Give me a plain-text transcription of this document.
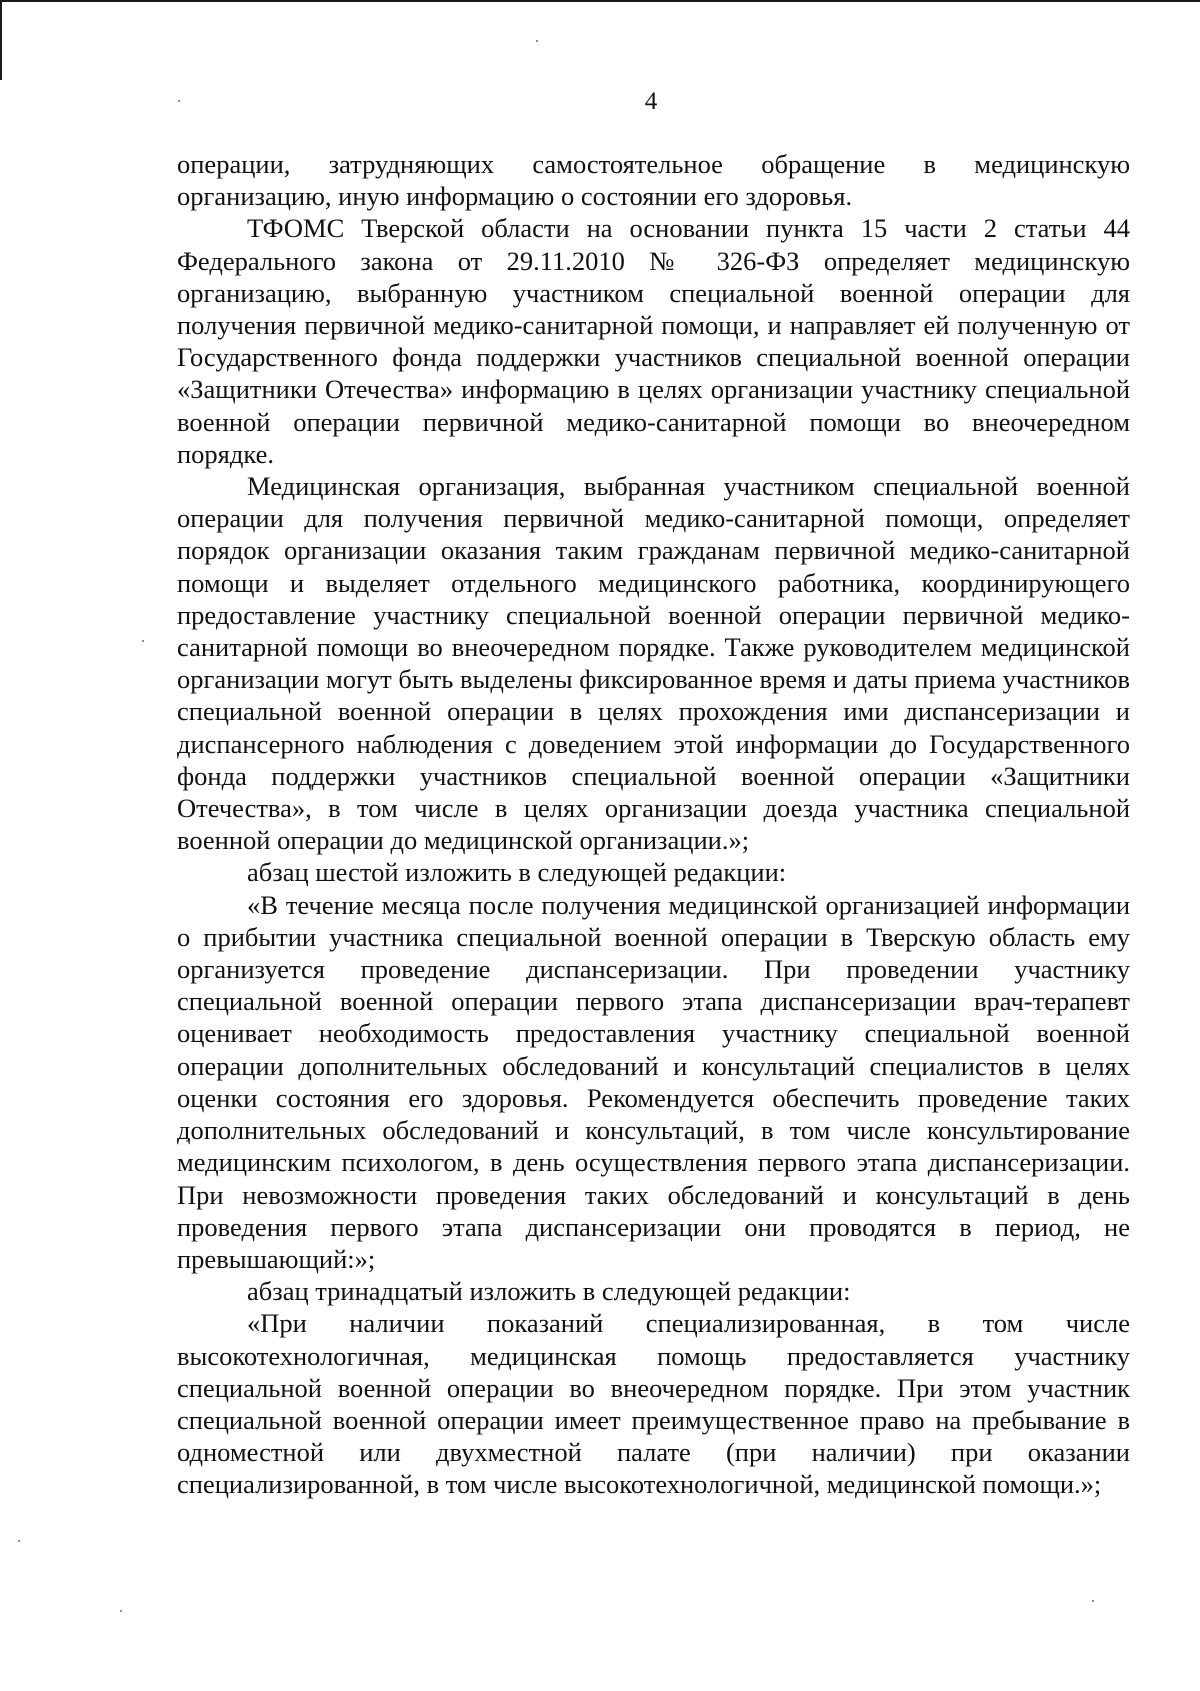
4

операции, затрудняющих самостоятельное обращение в медицинскую организацию, иную информацию о состоянии его здоровья.

ТФОМС Тверской области на основании пункта 15 части 2 статьи 44 Федерального закона от 29.11.2010 № 326-ФЗ определяет медицинскую организацию, выбранную участником специальной военной операции для получения первичной медико-санитарной помощи, и направляет ей полученную от Государственного фонда поддержки участников специальной военной операции «Защитники Отечества» информацию в целях организации участнику специальной военной операции первичной медико-санитарной помощи во внеочередном порядке.

Медицинская организация, выбранная участником специальной военной операции для получения первичной медико-санитарной помощи, определяет порядок организации оказания таким гражданам первичной медико-санитарной помощи и выделяет отдельного медицинского работника, координирующего предоставление участнику специальной военной операции первичной медико-санитарной помощи во внеочередном порядке. Также руководителем медицинской организации могут быть выделены фиксированное время и даты приема участников специальной военной операции в целях прохождения ими диспансеризации и диспансерного наблюдения с доведением этой информации до Государственного фонда поддержки участников специальной военной операции «Защитники Отечества», в том числе в целях организации доезда участника специальной военной операции до медицинской организации.»;

абзац шестой изложить в следующей редакции:

«В течение месяца после получения медицинской организацией информации о прибытии участника специальной военной операции в Тверскую область ему организуется проведение диспансеризации. При проведении участнику специальной военной операции первого этапа диспансеризации врач-терапевт оценивает необходимость предоставления участнику специальной военной операции дополнительных обследований и консультаций специалистов в целях оценки состояния его здоровья. Рекомендуется обеспечить проведение таких дополнительных обследований и консультаций, в том числе консультирование медицинским психологом, в день осуществления первого этапа диспансеризации. При невозможности проведения таких обследований и консультаций в день проведения первого этапа диспансеризации они проводятся в период, не превышающий:»;

абзац тринадцатый изложить в следующей редакции:

«При наличии показаний специализированная, в том числе высокотехнологичная, медицинская помощь предоставляется участнику специальной военной операции во внеочередном порядке. При этом участник специальной военной операции имеет преимущественное право на пребывание в одноместной или двухместной палате (при наличии) при оказании специализированной, в том числе высокотехнологичной, медицинской помощи.»;
